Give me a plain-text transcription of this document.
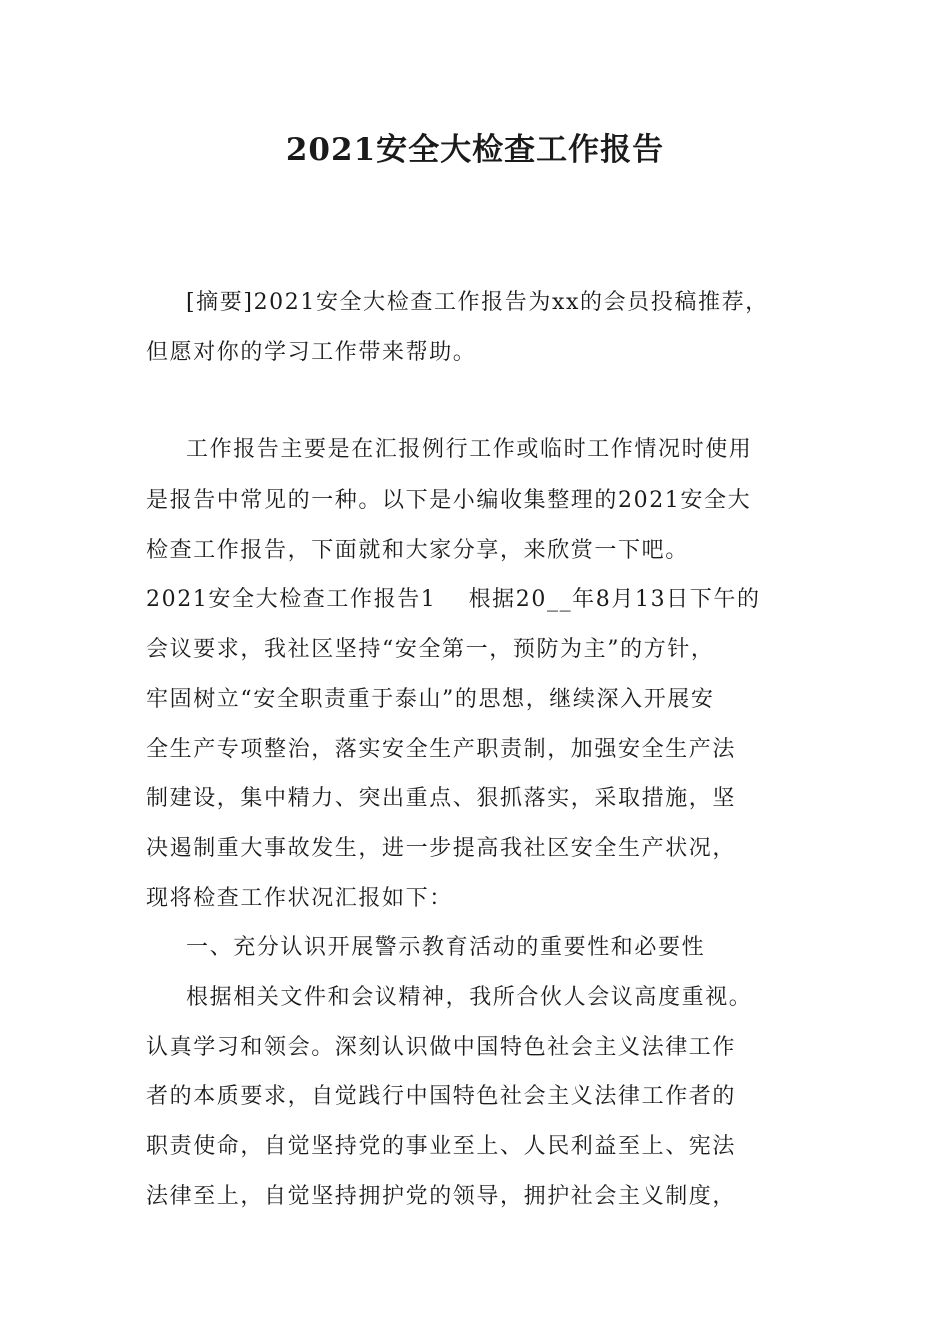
2021安全大检查工作报告

[摘要]2021安全大检查工作报告为xx的会员投稿推荐，

但愿对你的学习工作带来帮助。

工作报告主要是在汇报例行工作或临时工作情况时使用

是报告中常见的一种。以下是小编收集整理的2021安全大

检查工作报告，下面就和大家分享，来欣赏一下吧。

2021安全大检查工作报告1　 根据20__年8月13日下午的

会议要求，我社区坚持“安全第一，预防为主”的方针，

牢固树立“安全职责重于泰山”的思想，继续深入开展安

全生产专项整治，落实安全生产职责制，加强安全生产法

制建设，集中精力、突出重点、狠抓落实，采取措施，坚

决遏制重大事故发生，进一步提高我社区安全生产状况，

现将检查工作状况汇报如下：

一、充分认识开展警示教育活动的重要性和必要性

根据相关文件和会议精神，我所合伙人会议高度重视。

认真学习和领会。深刻认识做中国特色社会主义法律工作

者的本质要求，自觉践行中国特色社会主义法律工作者的

职责使命，自觉坚持党的事业至上、人民利益至上、宪法

法律至上，自觉坚持拥护党的领导，拥护社会主义制度，
